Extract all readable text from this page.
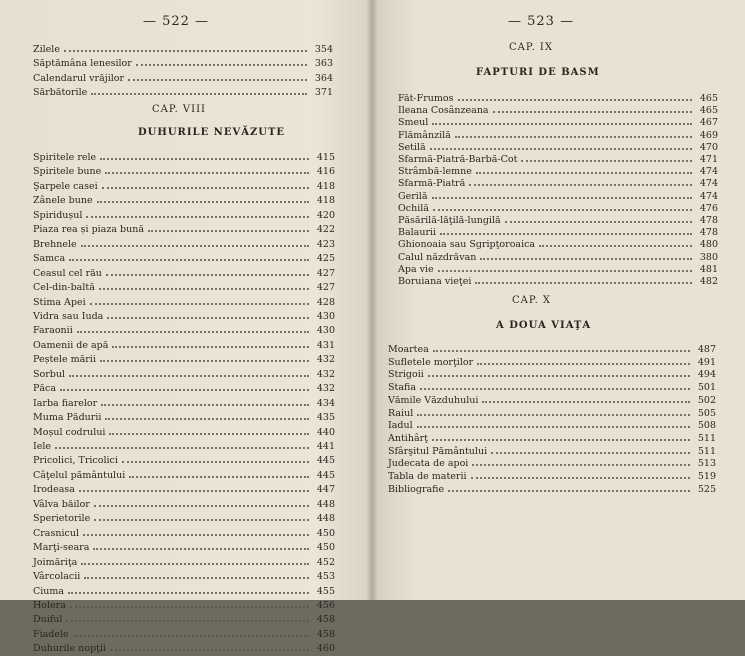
— 522 —
Zilele	354
Săptămâna lenesilor	363
Calendarul vrăjilor	364
Sărbătorile	371
CAP. VIII
DUHURILE NEVĂZUTE
Spiritele rele	415
Spiritele bune	416
Şarpele casei	418
Zânele bune	418
Spiridușul	420
Piaza rea și piaza bună	422
Brehnele	423
Samca	425
Ceasul cel rău	427
Cel-din-baltă	427
Stima Apei	428
Vidra sau Iuda	430
Faraonii	430
Oamenii de apă	431
Peștele mării	432
Sorbul	432
Păca	432
Iarba fiarelor	434
Muma Pădurii	435
Moșul codrului	440
Iele	441
Pricolici, Tricolici	445
Câţelul pământului	445
Irodeasa	447
Vâlva băilor	448
Sperietorile	448
Crasnicul	450
Marţi-seara	450
Joimăriţa	452
Vârcolacii	453
Ciuma	455
Holera	456
Duiful	458
Fiadele	458
Duhurile nopţii	460
— 523 —
CAP. IX
FAPTURI DE BASM
Făt-Frumos	465
Ileana Cosânzeana	465
Smeul	467
Flămânzilă	469
Setilă	470
Sfarmă-Piatră-Barbă-Cot	471
Strâmbă-lemne	474
Sfarmă-Piatră	474
Gerilă	474
Ochilă	476
Păsărilă-lăţilă-lungilă	478
Balaurii	478
Ghionoaia sau Sgripţoroaica	480
Calul năzdrăvan	380
Apa vie	481
Boruiana vieţei	482
CAP. X
A DOUA VIAŢA
Moartea	487
Sufletele morţilor	491
Strigoii	494
Stafia	501
Vămile Văzduhului	502
Raiul	505
Iadul	508
Antihârţ	511
Sfârşitul Pământului	511
Judecata de apoi	513
Tabla de materii	519
Bibliografie	525
